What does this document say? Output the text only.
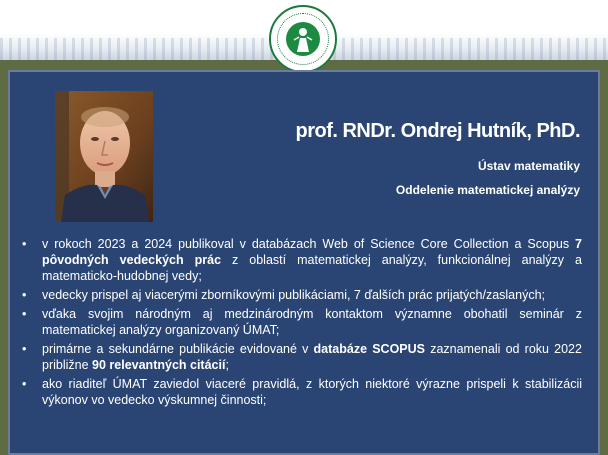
prof. RNDr. Ondrej Hutník, PhD.
Ústav matematiky
Oddelenie matematickej analýzy
• v rokoch 2023 a 2024 publikoval v databázach Web of Science Core Collection a Scopus 7 pôvodných vedeckých prác z oblastí matematickej analýzy, funkcionálnej analýzy a matematicko-hudobnej vedy;
• vedecky prispel aj viacerými zborníkovými publikáciami, 7 ďalších prác prijatých/zaslaných;
• vďaka svojim národným aj medzinárodným kontaktom významne obohatil seminár z matematickej analýzy organizovaný ÚMAT;
• primárne a sekundárne publikácie evidované v databáze SCOPUS zaznamenali od roku 2022 približne 90 relevantných citácií;
• ako riaditeľ ÚMAT zaviedol viaceré pravidlá, z ktorých niektoré výrazne prispeli k stabilizácii výkonov vo vedecko výskumnej činnosti;
